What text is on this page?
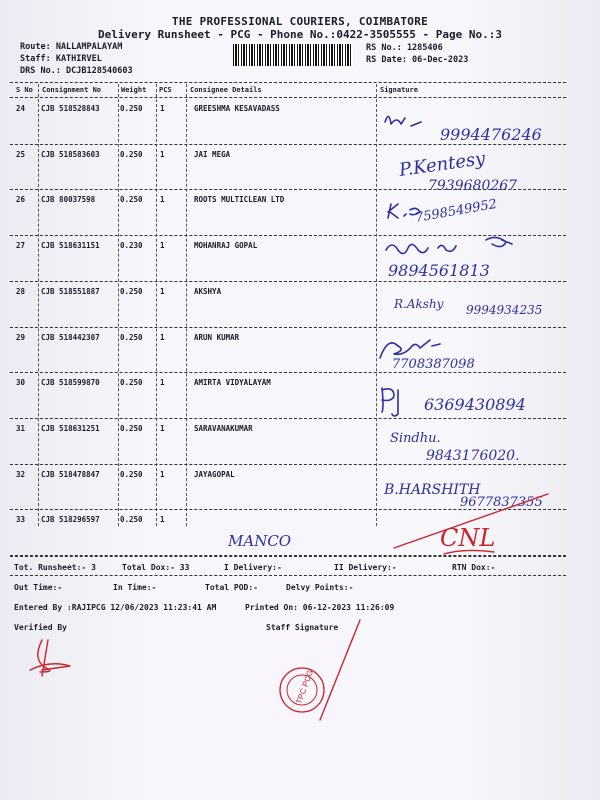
THE PROFESSIONAL COURIERS, COIMBATORE
Delivery Runsheet - PCG - Phone No.:0422-3505555 - Page No.:3
Route: NALLAMPALAYAM
Staff: KATHIRVEL
DRS No.: DCJB128540603
RS No.: 1285406
RS Date: 06-Dec-2023
S No Consignment No	Weight PCS	Consignee Details	Signature
24 CJB 518528843	0.250 1	GREESHMA KESAVADASS
25 CJB 518583603	0.250 1	JAI MEGA
26 CJB 80037598	0.250 1	ROOTS MULTICLEAN LTD
27 CJB 518631151	0.230 1	MOHANRAJ GOPAL
28 CJB 518551887	0.250 1	AKSHYA
29 CJB 518442307	0.250 1	ARUN KUMAR
30 CJB 518599870	0.250 1	AMIRTA VIDYALAYAM
31 CJB 518631251	0.250 1	SARAVANAKUMAR
32 CJB 518478847	0.250 1	JAYAGOPAL
33 CJB 518296597	0.250 1
Tot. Runsheet:- 3	Total Dox:- 33	I Delivery:-	II Delivery:-	RTN Dox:-
Out Time:-	In Time:-	Total POD:-	Delvy Points:-
Entered By :RAJIPCG 12/06/2023 11:23:41 AM	Printed On: 06-12-2023 11:26:09
Verified By	Staff Signature
9994476246
P.Kentesy
7939680267
7598549952
9894561813
R.Akshy 9994934235
7708387098
6369430894
Sindhu.
9843176020.
B.HARSHITH
9677837355
MANCO	CNL
TPC PCG
